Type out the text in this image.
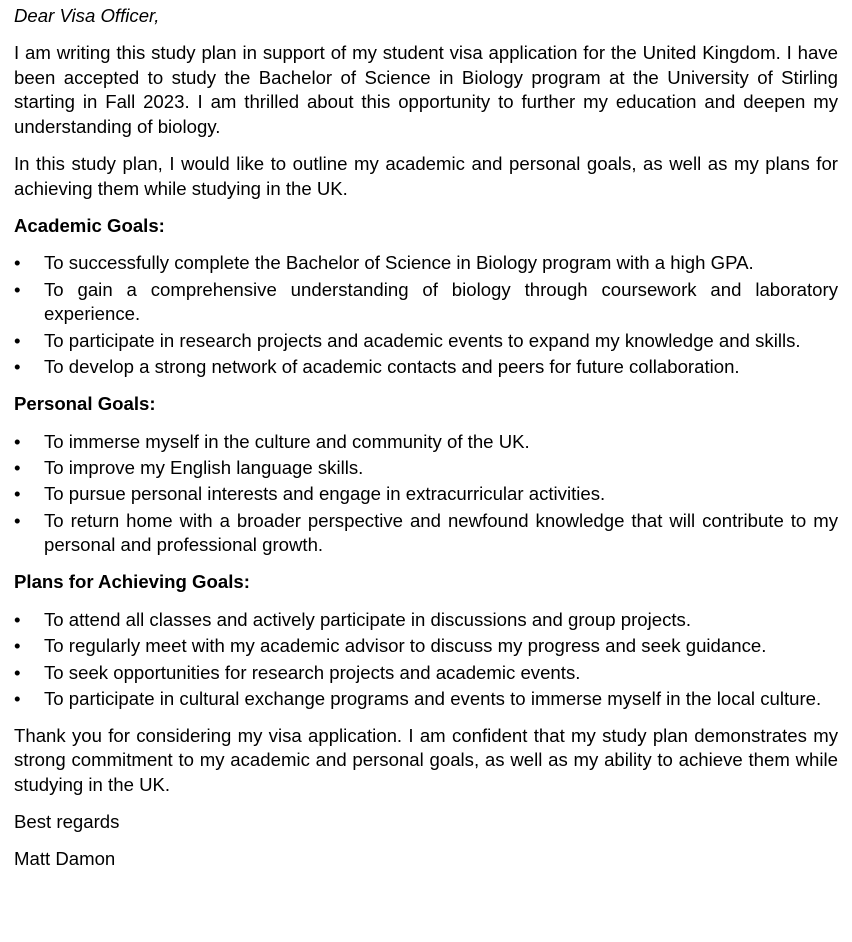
Dear Visa Officer,

I am writing this study plan in support of my student visa application for the United Kingdom. I have been accepted to study the Bachelor of Science in Biology program at the University of Stirling starting in Fall 2023. I am thrilled about this opportunity to further my education and deepen my understanding of biology.

In this study plan, I would like to outline my academic and personal goals, as well as my plans for achieving them while studying in the UK.

Academic Goals:
• To successfully complete the Bachelor of Science in Biology program with a high GPA.
• To gain a comprehensive understanding of biology through coursework and laboratory experience.
• To participate in research projects and academic events to expand my knowledge and skills.
• To develop a strong network of academic contacts and peers for future collaboration.
Personal Goals:
• To immerse myself in the culture and community of the UK.
• To improve my English language skills.
• To pursue personal interests and engage in extracurricular activities.
• To return home with a broader perspective and newfound knowledge that will contribute to my personal and professional growth.
Plans for Achieving Goals:
• To attend all classes and actively participate in discussions and group projects.
• To regularly meet with my academic advisor to discuss my progress and seek guidance.
• To seek opportunities for research projects and academic events.
• To participate in cultural exchange programs and events to immerse myself in the local culture.

Thank you for considering my visa application. I am confident that my study plan demonstrates my strong commitment to my academic and personal goals, as well as my ability to achieve them while studying in the UK.

Best regards

Matt Damon
